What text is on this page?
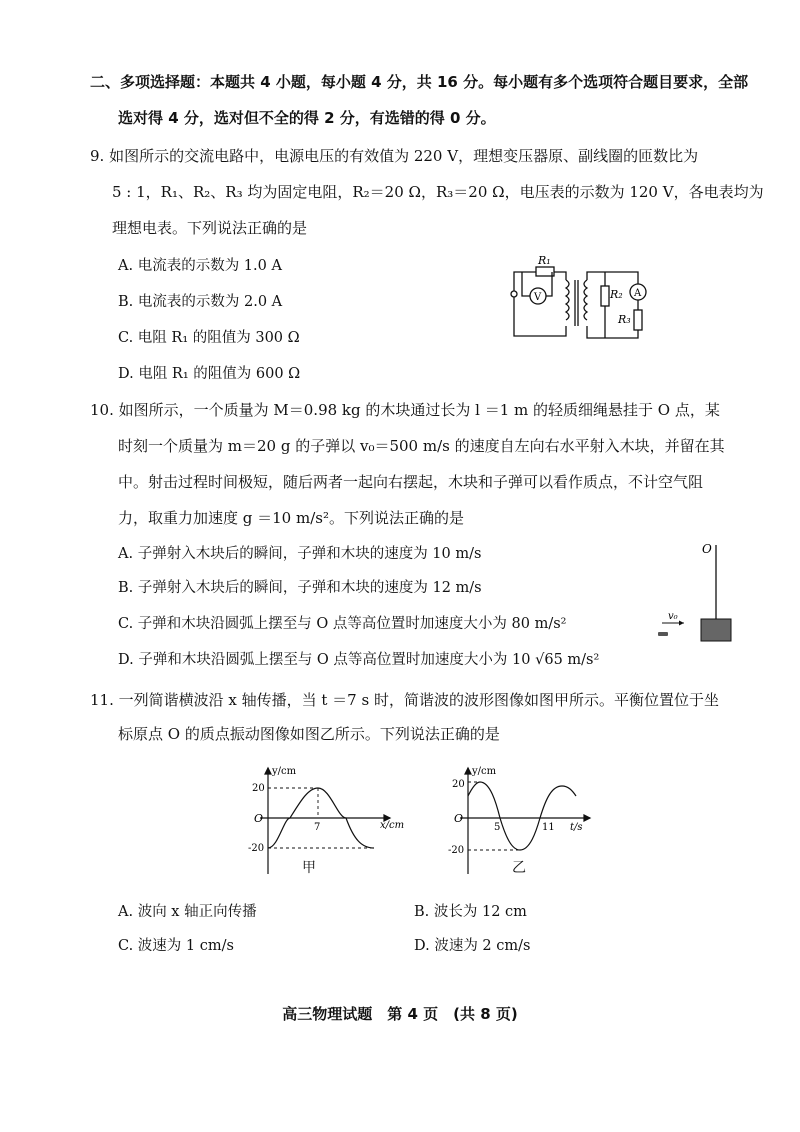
二、多项选择题：本题共 4 小题，每小题 4 分，共 16 分。每小题有多个选项符合题目要求，全部
选对得 4 分，选对但不全的得 2 分，有选错的得 0 分。
9. 如图所示的交流电路中，电源电压的有效值为 220 V，理想变压器原、副线圈的匝数比为
5 : 1，R₁、R₂、R₃ 均为固定电阻，R₂＝20 Ω，R₃＝20 Ω，电压表的示数为 120 V，各电表均为
理想电表。下列说法正确的是
A. 电流表的示数为 1.0 A
B. 电流表的示数为 2.0 A
C. 电阻 R₁ 的阻值为 300 Ω
D. 电阻 R₁ 的阻值为 600 Ω
R₁
V	R₂ A
R₃
10. 如图所示，一个质量为 M＝0.98 kg 的木块通过长为 l ＝1 m 的轻质细绳悬挂于 O 点，某
时刻一个质量为 m＝20 g 的子弹以 v₀＝500 m/s 的速度自左向右水平射入木块，并留在其
中。射击过程时间极短，随后两者一起向右摆起，木块和子弹可以看作质点，不计空气阻
力，取重力加速度 g ＝10 m/s²。下列说法正确的是
A. 子弹射入木块后的瞬间，子弹和木块的速度为 10 m/s
B. 子弹射入木块后的瞬间，子弹和木块的速度为 12 m/s
C. 子弹和木块沿圆弧上摆至与 O 点等高位置时加速度大小为 80 m/s²
D. 子弹和木块沿圆弧上摆至与 O 点等高位置时加速度大小为 10 √65 m/s²
O
v₀
11. 一列简谐横波沿 x 轴传播，当 t ＝7 s 时，简谐波的波形图像如图甲所示。平衡位置位于坐
标原点 O 的质点振动图像如图乙所示。下列说法正确的是
y/cm
20
-20
O
7	x/cm
甲
y/cm
20
-20
O
5	11 t/s
乙
A. 波向 x 轴正向传播	B. 波长为 12 cm
C. 波速为 1 cm/s	D. 波速为 2 cm/s
高三物理试题　第 4 页　(共 8 页)
